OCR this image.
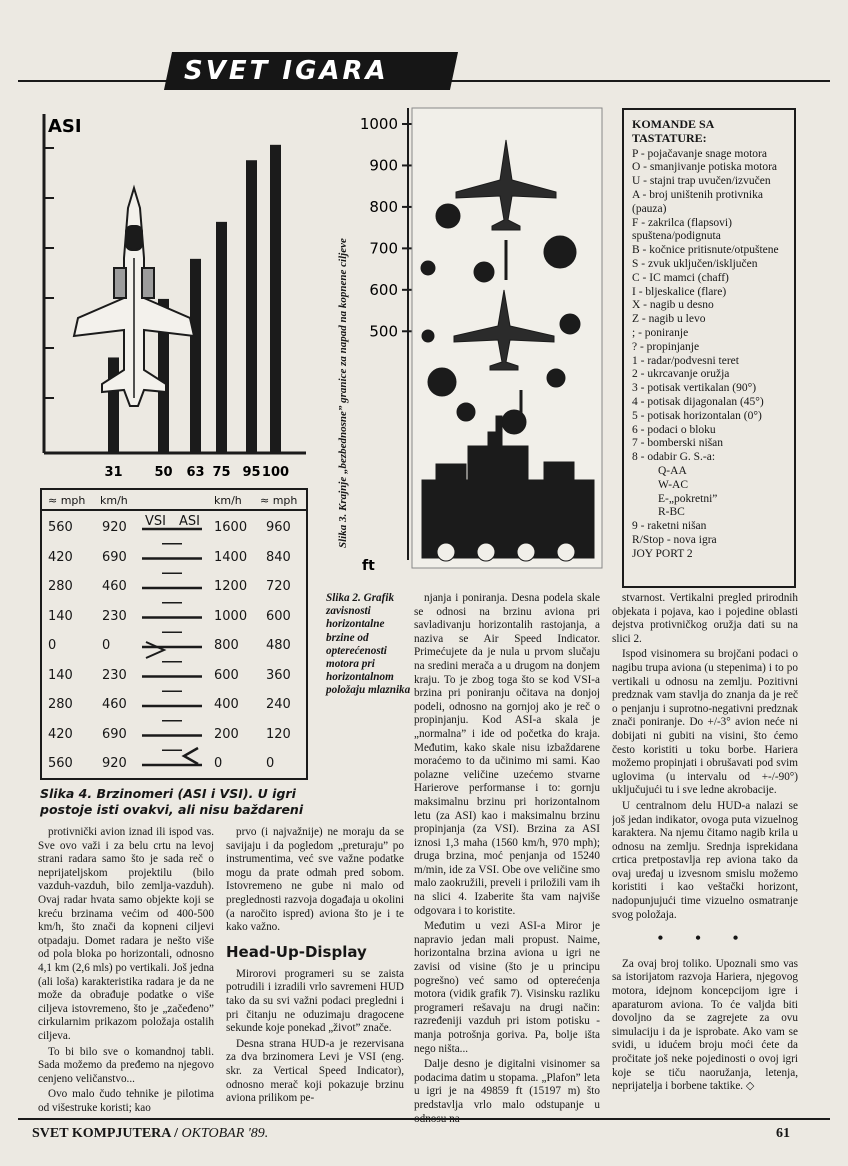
SVET IGARA
ASI
31 50 63 75 95 100
≈ mph km/h	km/h ≈ mph
VSI ASI
560 920	1600 960
420 690	1400 840
280 460	1200 720
140 230	1000 600
0	0	800 480
140 230	600 360
280 460	400 240
420 690	200 120
560 920	0	0
1000
900
800
700
600
500
ft
Slika 3. Krajnje „bezbednosne” granice za napad na kopnene ciljeve
Slika 2. Grafik zavisnosti horizontalne brzine od opterećenosti motora pri horizontalnom položaju mlaznika
Slika 4. Brzinomeri (ASI i VSI). U igri postoje isti ovakvi, ali nisu baždareni
KOMANDE SA TASTATURE:
P - pojačavanje snage motora
O - smanjivanje potiska motora
U - stajni trap uvučen/izvučen
A - broj uništenih protivnika (pauza)
F - zakrilca (flapsovi) spuštena/podignuta
B - kočnice pritisnute/otpuštene
S - zvuk uključen/isključen
C - IC mamci (chaff)
I - bljeskalice (flare)
X - nagib u desno
Z - nagib u levo
; - poniranje
? - propinjanje
1 - radar/podvesni teret
2 - ukrcavanje oružja
3 - potisak vertikalan (90°)
4 - potisak dijagonalan (45°)
5 - potisak horizontalan (0°)
6 - podaci o bloku
7 - bomberski nišan
8 - odabir G. S.-a:
Q-AA
W-AC
E-„pokretni”
R-BC
9 - raketni nišan
R/Stop - nova igra
JOY PORT 2

protivnički avion iznad ili ispod vas. Sve ovo važi i za belu crtu na levoj strani radara samo što je sada reč o neprijateljskom projektilu (bilo vazduh-vazduh, bilo zemlja-vazduh). Ovaj radar hvata samo objekte koji se kreću brzinama većim od 400-500 km/h, što znači da kopneni ciljevi otpadaju. Domet radara je nešto više od pola bloka po horizontali, odnosno 4,1 km (2,6 mls) po vertikali. Još jedna (ali loša) karakteristika radara je da ne može da obrađuje podatke o više ciljeva istovremeno, što je „začeđeno” cirkularnim prikazom položaja ostalih ciljeva.

To bi bilo sve o komandnoj tabli. Sada možemo da pređemo na njegovo cenjeno veličanstvo...

Ovo malo čudo tehnike je pilotima od višestruke koristi; kao

prvo (i najvažnije) ne moraju da se savijaju i da pogledom „preturaju” po instrumentima, već sve važne podatke mogu da prate odmah pred sobom. Istovremeno ne gube ni malo od preglednosti razvoja događaja u okolini (a naročito ispred) aviona što je i te kako važno.

Head-Up-Display

Mirorovi programeri su se zaista potrudili i izradili vrlo savremeni HUD tako da su svi važni podaci pregledni i pri čitanju ne oduzimaju dragocene sekunde koje ponekad „život” znače.

Desna strana HUD-a je rezervisana za dva brzinomera Levi je VSI (eng. skr. za Vertical Speed Indicator), odnosno merač koji pokazuje brzinu aviona prilikom pe-

njanja i poniranja. Desna podela skale se odnosi na brzinu aviona pri savladivanju horizontalih rastojanja, a naziva se Air Speed Indicator. Primećujete da je nula u prvom slučaju na sredini merača a u drugom na donjem kraju. To je zbog toga što se kod VSI-a brzina pri poniranju očitava na donjoj podeli, odnosno na gornjoj ako je reč o propinjanju. Kod ASI-a skala je „normalna” i ide od početka do kraja. Međutim, kako skale nisu izbaždarene moraćemo to da učinimo mi sami. Kao polazne veličine uzećemo stvarne Harierove performanse i to: gornju maksimalnu brzinu pri horizontalnom letu (za ASI) kao i maksimalnu brzinu propinjanja (za VSI). Brzina za ASI iznosi 1,3 maha (1560 km/h, 970 mph); druga brzina, moć penjanja od 15240 m/min, ide za VSI. Obe ove veličine smo malo zaokružili, preveli i priložili vam ih na slici 4. Izaberite šta vam najviše odgovara i to koristite.

Međutim u vezi ASI-a Miror je napravio jedan mali propust. Naime, horizontalna brzina aviona u igri ne zavisi od visine (što je u principu pogrešno) već samo od opterećenja motora (vidik grafik 7). Visinsku razliku programeri rešavaju na drugi način: razređeniji vazduh pri istom potisku - manja potrošnja goriva. Pa, bolje išta nego ništa...

Dalje desno je digitalni visinomer sa podacima datim u stopama. „Plafon” leta u igri je na 49859 ft (15197 m) što predstavlja vrlo malo odstupanje u

stvarnost. Vertikalni pregled prirodnih objekata i pojava, kao i pojedine oblasti dejstva protivničkog oružja dati su na slici 2.

Ispod visinomera su brojčani podaci o nagibu trupa aviona (u stepenima) i to po vertikali u odnosu na zemlju. Pozitivni predznak vam stavlja do znanja da je reč o penjanju i suprotno-negativni predznak znači poniranje. Do +/-3° avion neće ni dobijati ni gubiti na visini, što ćemo često koristiti u toku borbe. Hariera možemo propinjati i obrušavati pod svim uglovima (u intervalu od +-/-90°) uključujući tu i sve ledne akrobacije.

U centralnom delu HUD-a nalazi se još jedan indikator, ovoga puta vizuelnog karaktera. Na njemu čitamo nagib krila u odnosu na zemlju. Srednja isprekidana crtica pretpostavlja rep aviona tako da ovaj uređaj u izvesnom smislu možemo koristiti i kao veštački horizont, nadopunjujući time vizuelno osmatranje svog položaja.

• • •

Za ovaj broj toliko. Upoznali smo vas sa istorijatom razvoja Hariera, njegovog motora, idejnom koncepcijom igre i aparaturom aviona. To će valjda biti dovoljno da se zagrejete za ovu simulaciju i da je isprobate. Ako vam se svidi, u idućem broju moći ćete da pročitate još neke pojedinosti o ovoj igri koje se tiču naoružanja, letenja, neprijatelja i borbene taktike. ◇

SVET KOMPJUTERA / OKTOBAR '89.	61
